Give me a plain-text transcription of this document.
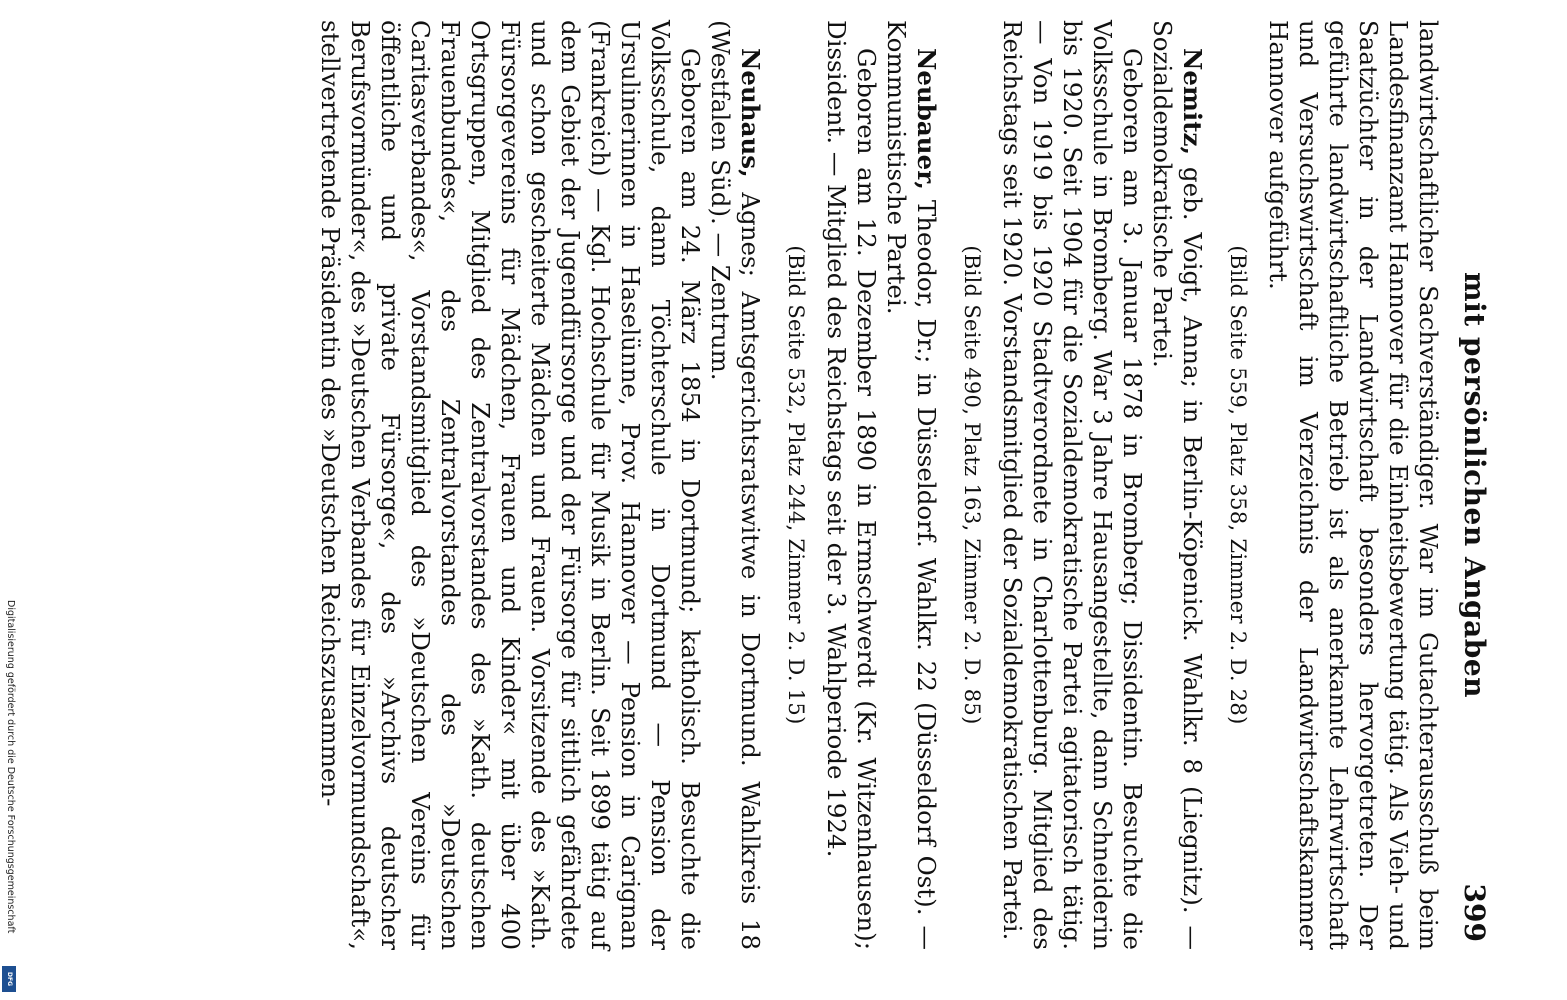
mit persönlichen Angaben
399

landwirtschaftlicher Sachverständiger. War im Gutachterausschuß beim Landesfinanzamt Hannover für die Einheitsbewertung tätig. Als Vieh- und Saatzüchter in der Landwirtschaft besonders hervorgetreten. Der geführte landwirtschaftliche Betrieb ist als anerkannte Lehrwirtschaft und Versuchswirtschaft im Verzeichnis der Landwirtschaftskammer Hannover aufgeführt.

(Bild Seite 559, Platz 358, Zimmer 2. D. 28)

Nemitz, geb. Voigt, Anna; in Berlin-Köpenick. Wahlkr. 8 (Liegnitz). — Sozialdemokratische Partei.

Geboren am 3. Januar 1878 in Bromberg; Dissidentin. Besuchte die Volksschule in Bromberg. War 3 Jahre Hausangestellte, dann Schneiderin bis 1920. Seit 1904 für die Sozialdemokratische Partei agitatorisch tätig. — Von 1919 bis 1920 Stadtverordnete in Charlottenburg. Mitglied des Reichstags seit 1920. Vorstandsmitglied der Sozialdemokratischen Partei.

(Bild Seite 490, Platz 163, Zimmer 2. D. 85)

Neubauer, Theodor, Dr.; in Düsseldorf. Wahlkr. 22 (Düsseldorf Ost). — Kommunistische Partei.

Geboren am 12. Dezember 1890 in Ermschwerdt (Kr. Witzenhausen); Dissident. — Mitglied des Reichstags seit der 3. Wahlperiode 1924.

(Bild Seite 532, Platz 244, Zimmer 2. D. 15)

Neuhaus, Agnes; Amtsgerichtsratswitwe in Dortmund. Wahlkreis 18 (Westfalen Süd). — Zentrum.

Geboren am 24. März 1854 in Dortmund; katholisch. Besuchte die Volksschule, dann Töchterschule in Dortmund — Pension der Ursulinerinnen in Haselünne, Prov. Hannover — Pension in Carignan (Frankreich) — Kgl. Hochschule für Musik in Berlin. Seit 1899 tätig auf dem Gebiet der Jugendfürsorge und der Fürsorge für sittlich gefährdete und schon gescheiterte Mädchen und Frauen. Vorsitzende des »Kath. Fürsorgevereins für Mädchen, Frauen und Kinder« mit über 400 Ortsgruppen, Mitglied des Zentralvorstandes des »Kath. deutschen Frauenbundes«, des Zentralvorstandes des »Deutschen Caritasverbandes«, Vorstandsmitglied des »Deutschen Vereins für öffentliche und private Fürsorge«, des »Archivs deutscher Berufsvormünder«, des »Deutschen Verbandes für Einzelvormundschaft«, stellvertretende Präsidentin des »Deutschen Reichszusammen-

Digitalisierung gefördert durch die Deutsche Forschungsgemeinschaft
DFG
